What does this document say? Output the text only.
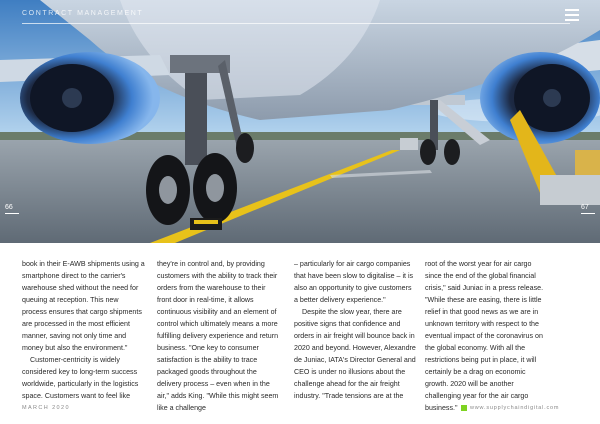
CONTRACT MANAGEMENT
66	67

book in their E-AWB shipments using a smartphone direct to the carrier's warehouse shed without the need for queuing at reception. This new process ensures that cargo shipments are processed in the most efficient manner, saving not only time and money but also the environment."

Customer-centricity is widely considered key to long-term success worldwide, particularly in the logistics space. Customers want to feel like

they're in control and, by providing customers with the ability to track their orders from the warehouse to their front door in real-time, it allows continuous visibility and an element of control which ultimately means a more fulfilling delivery experience and return business. "One key to consumer satisfaction is the ability to trace packaged goods throughout the delivery process – even when in the air," adds King. "While this might seem like a challenge

– particularly for air cargo companies that have been slow to digitalise – it is also an opportunity to give customers a better delivery experience."

Despite the slow year, there are positive signs that confidence and orders in air freight will bounce back in 2020 and beyond. However, Alexandre de Juniac, IATA's Director General and CEO is under no illusions about the challenge ahead for the air freight industry. "Trade tensions are at the

root of the worst year for air cargo since the end of the global financial crisis," said Juniac in a press release. "While these are easing, there is little relief in that good news as we are in unknown territory with respect to the eventual impact of the coronavirus on the global economy. With all the restrictions being put in place, it will certainly be a drag on economic growth. 2020 will be another challenging year for the air cargo business."

MARCH 2020	www.supplychaindigital.com
